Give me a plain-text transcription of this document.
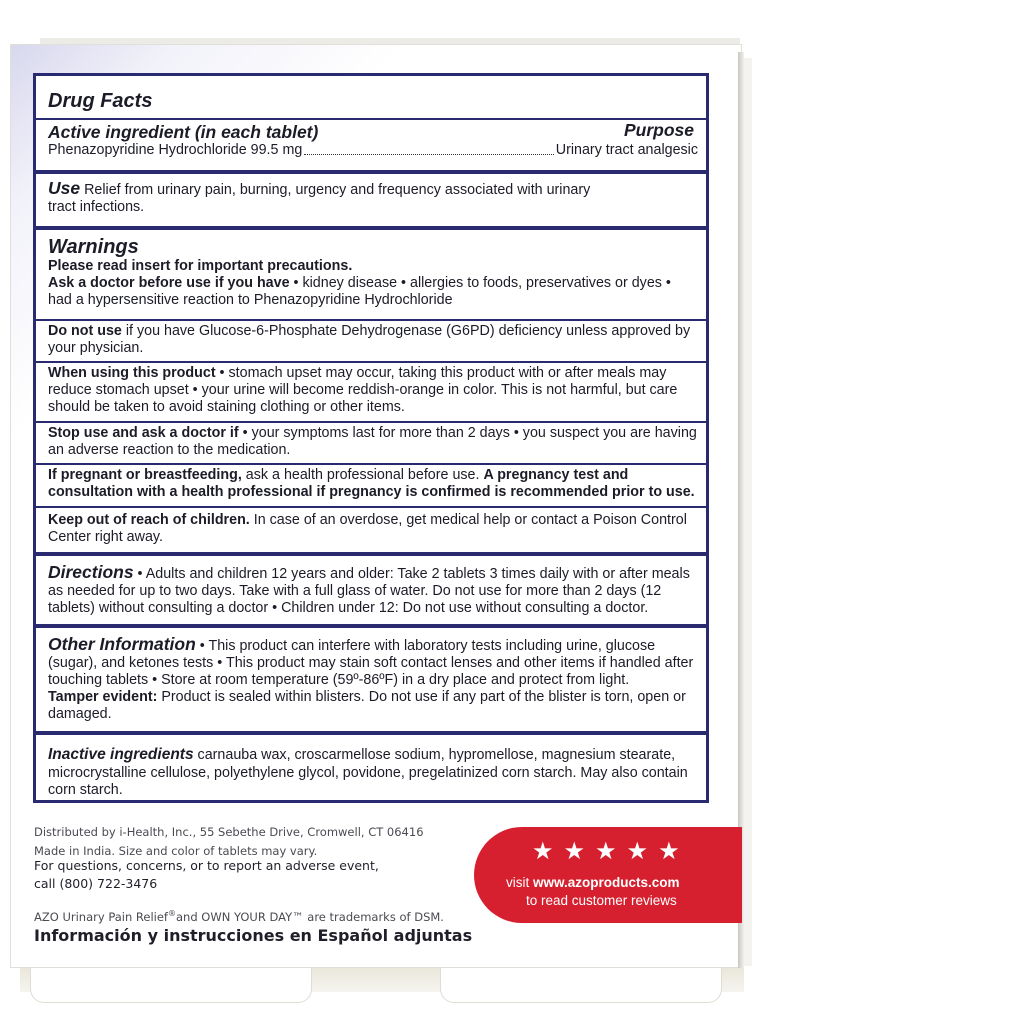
Drug Facts
Active ingredient (in each tablet)	Purpose
Phenazopyridine Hydrochloride 99.5 mg	Urinary tract analgesic
Use Relief from urinary pain, burning, urgency and frequency associated with urinary tract infections.
Warnings
Please read insert for important precautions.
Ask a doctor before use if you have • kidney disease • allergies to foods, preservatives or dyes • had a hypersensitive reaction to Phenazopyridine Hydrochloride
Do not use if you have Glucose-6-Phosphate Dehydrogenase (G6PD) deficiency unless approved by your physician.
When using this product • stomach upset may occur, taking this product with or after meals may reduce stomach upset • your urine will become reddish-orange in color. This is not harmful, but care should be taken to avoid staining clothing or other items.
Stop use and ask a doctor if • your symptoms last for more than 2 days • you suspect you are having an adverse reaction to the medication.
If pregnant or breastfeeding, ask a health professional before use. A pregnancy test and consultation with a health professional if pregnancy is confirmed is recommended prior to use.
Keep out of reach of children. In case of an overdose, get medical help or contact a Poison Control Center right away.
Directions • Adults and children 12 years and older: Take 2 tablets 3 times daily with or after meals as needed for up to two days. Take with a full glass of water. Do not use for more than 2 days (12 tablets) without consulting a doctor • Children under 12: Do not use without consulting a doctor.
Other Information • This product can interfere with laboratory tests including urine, glucose (sugar), and ketones tests • This product may stain soft contact lenses and other items if handled after touching tablets • Store at room temperature (59º-86ºF) in a dry place and protect from light.
Tamper evident: Product is sealed within blisters. Do not use if any part of the blister is torn, open or damaged.
Inactive ingredients carnauba wax, croscarmellose sodium, hypromellose, magnesium stearate, microcrystalline cellulose, polyethylene glycol, povidone, pregelatinized corn starch. May also contain corn starch.
Distributed by i-Health, Inc., 55 Sebethe Drive, Cromwell, CT 06416
Made in India. Size and color of tablets may vary.
For questions, concerns, or to report an adverse event,
call (800) 722-3476
AZO Urinary Pain Relief®and OWN YOUR DAY™ are trademarks of DSM.
Información y instrucciones en Español adjuntas
★ ★ ★ ★ ★
visit www.azoproducts.com
to read customer reviews
